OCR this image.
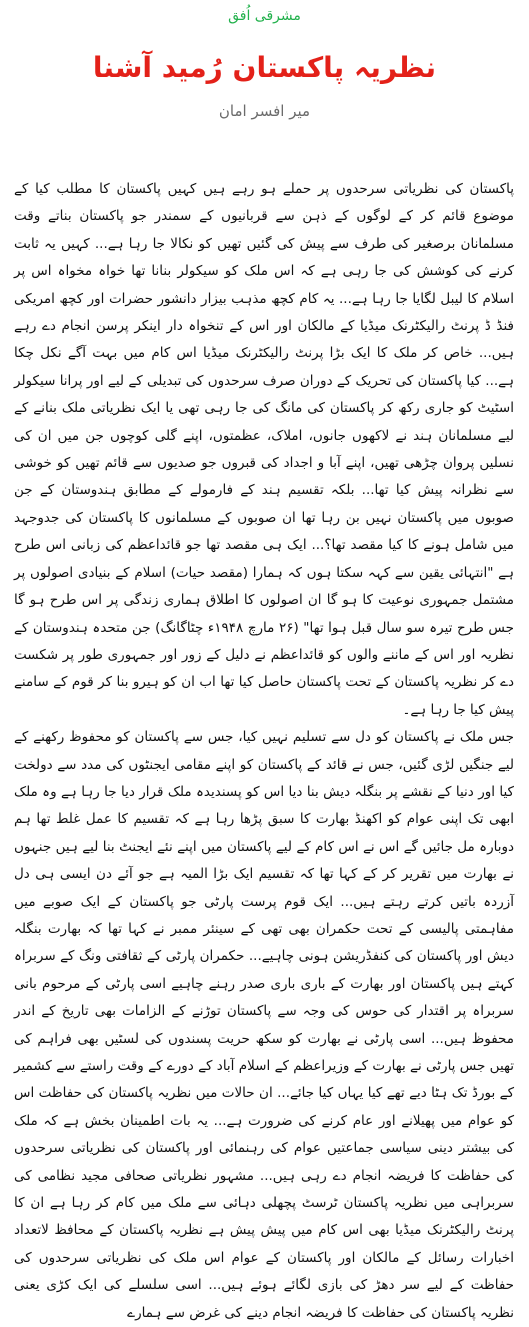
مشرقی اُفق
نظریہ پاکستان رُمید آشنا
میر افسر امان

پاکستان کی نظریاتی سرحدوں پر حملے ہو رہے ہیں کہیں پاکستان کا مطلب کیا کے موضوع قائم کر کے لوگوں کے ذہن سے قربانیوں کے سمندر جو پاکستان بناتے وقت مسلمانان برصغیر کی طرف سے پیش کی گئیں تھیں کو نکالا جا رہا ہے... کہیں یہ ثابت کرنے کی کوشش کی جا رہی ہے کہ اس ملک کو سیکولر بنانا تھا خواہ مخواہ اس پر اسلام کا لیبل لگایا جا رہا ہے... یہ کام کچھ مذہب بیزار دانشور حضرات اور کچھ امریکی فنڈ ڈ پرنٹ رالیکٹرنک میڈیا کے مالکان اور اس کے تنخواہ دار اینکر پرسن انجام دے رہے ہیں... خاص کر ملک کا ایک بڑا پرنٹ رالیکٹرنک میڈیا اس کام میں بہت آگے نکل چکا ہے... کیا پاکستان کی تحریک کے دوران صرف سرحدوں کی تبدیلی کے لیے اور پرانا سیکولر اسٹیٹ کو جاری رکھ کر پاکستان کی مانگ کی جا رہی تھی یا ایک نظریاتی ملک بنانے کے لیے مسلمانان ہند نے لاکھوں جانوں، املاک، عظمتوں، اپنے گلی کوچوں جن میں ان کی نسلیں پروان چڑھی تھیں، اپنے آبا و اجداد کی قبروں جو صدیوں سے قائم تھیں کو خوشی سے نظرانہ پیش کیا تھا... بلکہ تقسیم ہند کے فارمولے کے مطابق ہندوستان کے جن صوبوں میں پاکستان نہیں بن رہا تھا ان صوبوں کے مسلمانوں کا پاکستان کی جدوجہد میں شامل ہونے کا کیا مقصد تھا؟... ایک ہی مقصد تھا جو قائداعظم کی زبانی اس طرح ہے "انتہائی یقین سے کہہ سکتا ہوں کہ ہمارا (مقصد حیات) اسلام کے بنیادی اصولوں پر مشتمل جمہوری نوعیت کا ہو گا ان اصولوں کا اطلاق ہماری زندگی پر اس طرح ہو گا جس طرح تیرہ سو سال قبل ہوا تھا" (۲۶ مارچ ۱۹۴۸ء چٹاگانگ) جن متحدہ ہندوستان کے نظریہ اور اس کے ماننے والوں کو قائداعظم نے دلیل کے زور اور جمہوری طور پر شکست دے کر نظریہ پاکستان کے تحت پاکستان حاصل کیا تھا اب ان کو ہیرو بنا کر قوم کے سامنے پیش کیا جا رہا ہے۔

جس ملک نے پاکستان کو دل سے تسلیم نہیں کیا، جس سے پاکستان کو محفوظ رکھنے کے لیے جنگیں لڑی گئیں، جس نے قائد کے پاکستان کو اپنے مقامی ایجنٹوں کی مدد سے دولخت کیا اور دنیا کے نقشے پر بنگلہ دیش بنا دیا اس کو پسندیدہ ملک قرار دیا جا رہا ہے وہ ملک ابھی تک اپنی عوام کو اکھنڈ بھارت کا سبق پڑھا رہا ہے کہ تقسیم کا عمل غلط تھا ہم دوبارہ مل جائیں گے اس نے اس کام کے لیے پاکستان میں اپنے نئے ایجنٹ بنا لیے ہیں جنہوں نے بھارت میں تقریر کر کے کہا تھا کہ تقسیم ایک بڑا المیہ ہے جو آئے دن ایسی ہی دل آزردہ باتیں کرتے رہتے ہیں... ایک قوم پرست پارٹی جو پاکستان کے ایک صوبے میں مفاہمتی پالیسی کے تحت حکمران بھی تھی کے سینئر ممبر نے کہا تھا کہ بھارت بنگلہ دیش اور پاکستان کی کنفڈریشن ہونی چاہیے... حکمران پارٹی کے ثقافتی ونگ کے سربراہ کہتے ہیں پاکستان اور بھارت کے باری باری صدر رہنے چاہیے اسی پارٹی کے مرحوم بانی سربراہ پر اقتدار کی حوس کی وجہ سے پاکستان توڑنے کے الزامات بھی تاریخ کے اندر محفوظ ہیں... اسی پارٹی نے بھارت کو سکھ حریت پسندوں کی لسٹیں بھی فراہم کی تھیں جس پارٹی نے بھارت کے وزیراعظم کے اسلام آباد کے دورے کے وقت راستے سے کشمیر کے بورڈ تک ہٹا دیے تھے کیا یہاں کیا جائے... ان حالات میں نظریہ پاکستان کی حفاظت اس کو عوام میں پھیلانے اور عام کرنے کی ضرورت ہے... یہ بات اطمینان بخش ہے کہ ملک کی بیشتر دینی سیاسی جماعتیں عوام کی رہنمائی اور پاکستان کی نظریاتی سرحدوں کی حفاظت کا فریضہ انجام دے رہی ہیں... مشہور نظریاتی صحافی مجید نظامی کی سربراہی میں نظریہ پاکستان ٹرسٹ پچھلی دہائی سے ملک میں کام کر رہا ہے ان کا پرنٹ رالیکٹرنک میڈیا بھی اس کام میں پیش پیش ہے نظریہ پاکستان کے محافظ لاتعداد اخبارات رسائل کے مالکان اور پاکستان کے عوام اس ملک کی نظریاتی سرحدوں کی حفاظت کے لیے سر دھڑ کی بازی لگائے ہوئے ہیں... اسی سلسلے کی ایک کڑی یعنی نظریہ پاکستان کی حفاظت کا فریضہ انجام دینے کی غرض سے ہمارے
